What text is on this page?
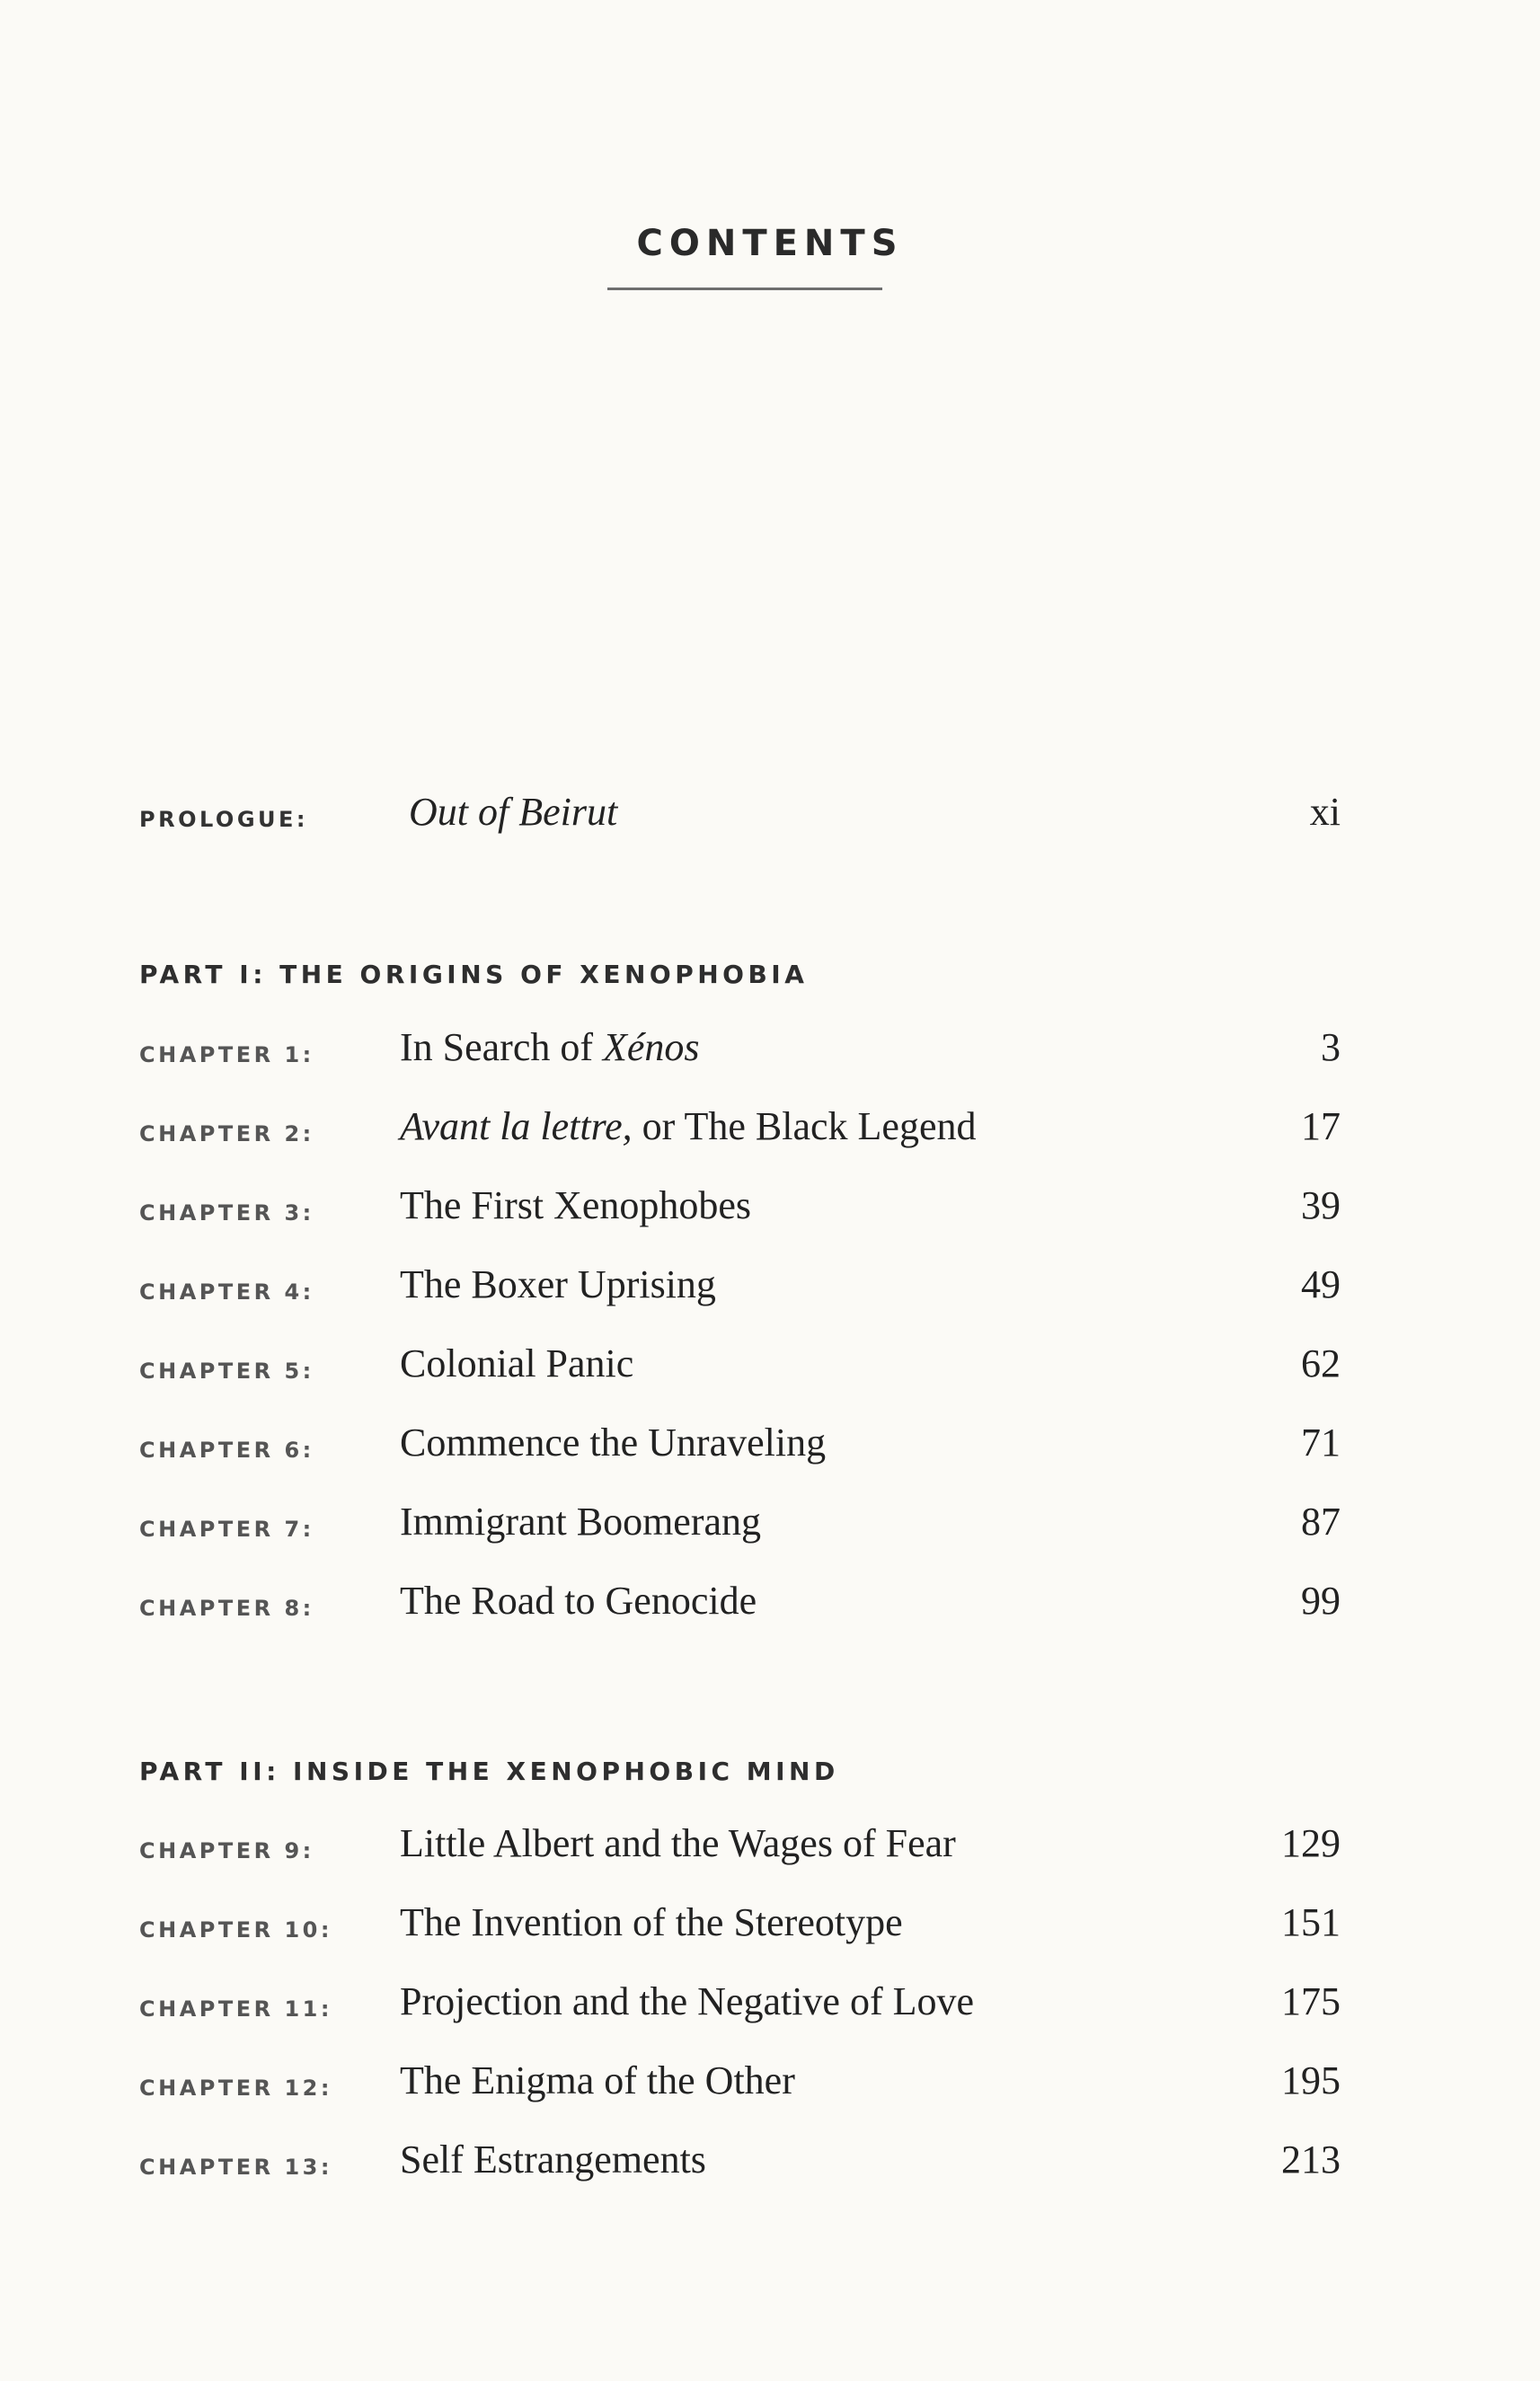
CONTENTS
PROLOGUE:	Out of Beirut	xi
PART I: THE ORIGINS OF XENOPHOBIA
CHAPTER 1: In Search of Xénos	3
CHAPTER 2: Avant la lettre, or The Black Legend	17
CHAPTER 3: The First Xenophobes	39
CHAPTER 4: The Boxer Uprising	49
CHAPTER 5: Colonial Panic	62
CHAPTER 6: Commence the Unraveling	71
CHAPTER 7: Immigrant Boomerang	87
CHAPTER 8: The Road to Genocide	99
PART II: INSIDE THE XENOPHOBIC MIND
CHAPTER 9: Little Albert and the Wages of Fear	129
CHAPTER 10: The Invention of the Stereotype	151
CHAPTER 11: Projection and the Negative of Love	175
CHAPTER 12: The Enigma of the Other	195
CHAPTER 13: Self Estrangements	213
